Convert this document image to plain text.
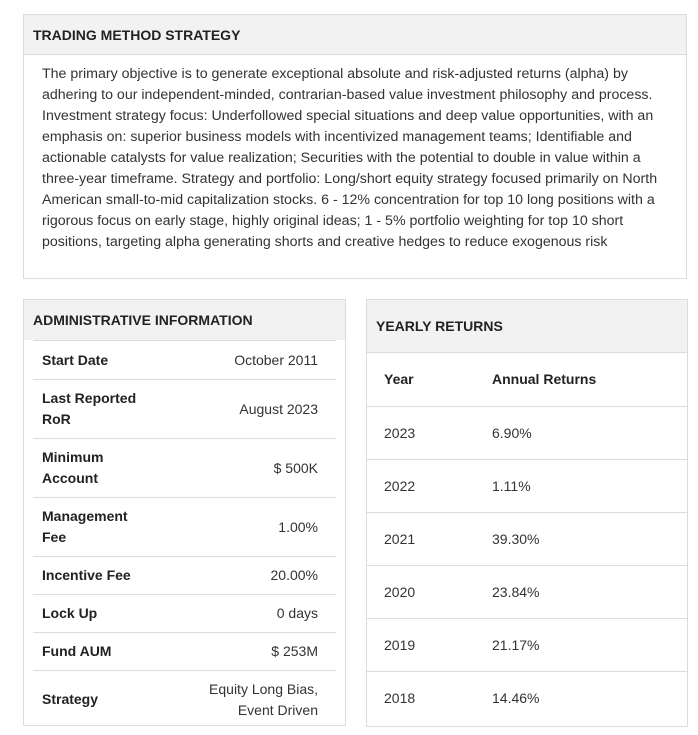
TRADING METHOD STRATEGY
The primary objective is to generate exceptional absolute and risk-adjusted returns (alpha) by adhering to our independent-minded, contrarian-based value investment philosophy and process. Investment strategy focus: Underfollowed special situations and deep value opportunities, with an emphasis on: superior business models with incentivized management teams; Identifiable and actionable catalysts for value realization; Securities with the potential to double in value within a three-year timeframe. Strategy and portfolio: Long/short equity strategy focused primarily on North American small-to-mid capitalization stocks. 6 - 12% concentration for top 10 long positions with a rigorous focus on early stage, highly original ideas; 1 - 5% portfolio weighting for top 10 short positions, targeting alpha generating shorts and creative hedges to reduce exogenous risk
ADMINISTRATIVE INFORMATION
Start Date	October 2011
Last Reported RoR	August 2023
Minimum Account	$ 500K
Management Fee	1.00%
Incentive Fee	20.00%
Lock Up	0 days
Fund AUM	$ 253M
Strategy	Equity Long Bias, Event Driven
YEARLY RETURNS
Year	Annual Returns
2023	6.90%
2022	1.11%
2021	39.30%
2020	23.84%
2019	21.17%
2018	14.46%
